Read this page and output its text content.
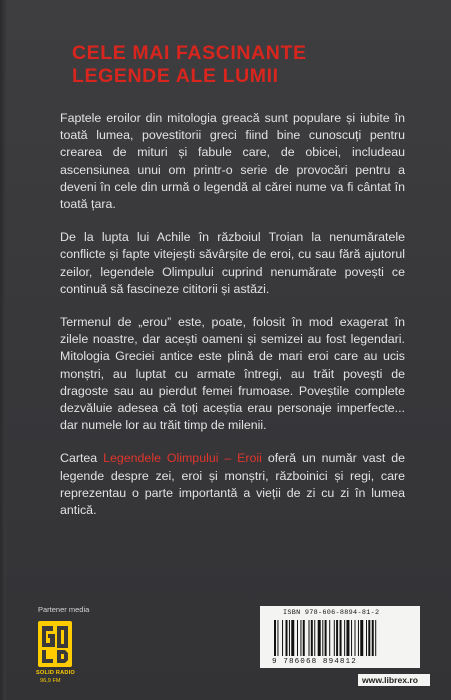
CELE MAI FASCINANTE
LEGENDE ALE LUMII

Faptele eroilor din mitologia greacă sunt populare și iubite în toată lumea, povestitorii greci fiind bine cunoscuți pentru crearea de mituri și fabule care, de obicei, includeau ascensiunea unui om printr-o serie de provocări pentru a deveni în cele din urmă o legendă al cărei nume va fi cântat în toată țara.

De la lupta lui Achile în războiul Troian la nenumăratele conflicte și fapte vitejești săvârșite de eroi, cu sau fără ajutorul zeilor, legendele Olimpului cuprind nenumărate povești ce continuă să fascineze cititorii și astăzi.

Termenul de „erou” este, poate, folosit în mod exagerat în zilele noastre, dar acești oameni și semizei au fost legendari. Mitologia Greciei antice este plină de mari eroi care au ucis monștri, au luptat cu armate întregi, au trăit povești de dragoste sau au pierdut femei frumoase. Poveștile complete dezvăluie adesea că toți aceștia erau personaje imperfecte... dar numele lor au trăit timp de milenii.

Cartea Legendele Olimpului – Eroii oferă un număr vast de legende despre zei, eroi și monștri, războinici și regi, care reprezentau o parte importantă a vieții de zi cu zi în lumea antică.

Partener media
SOLID RADIO
96,9 FM
ISBN 978-606-8894-81-2
9 786068 894812
www.librex.ro
